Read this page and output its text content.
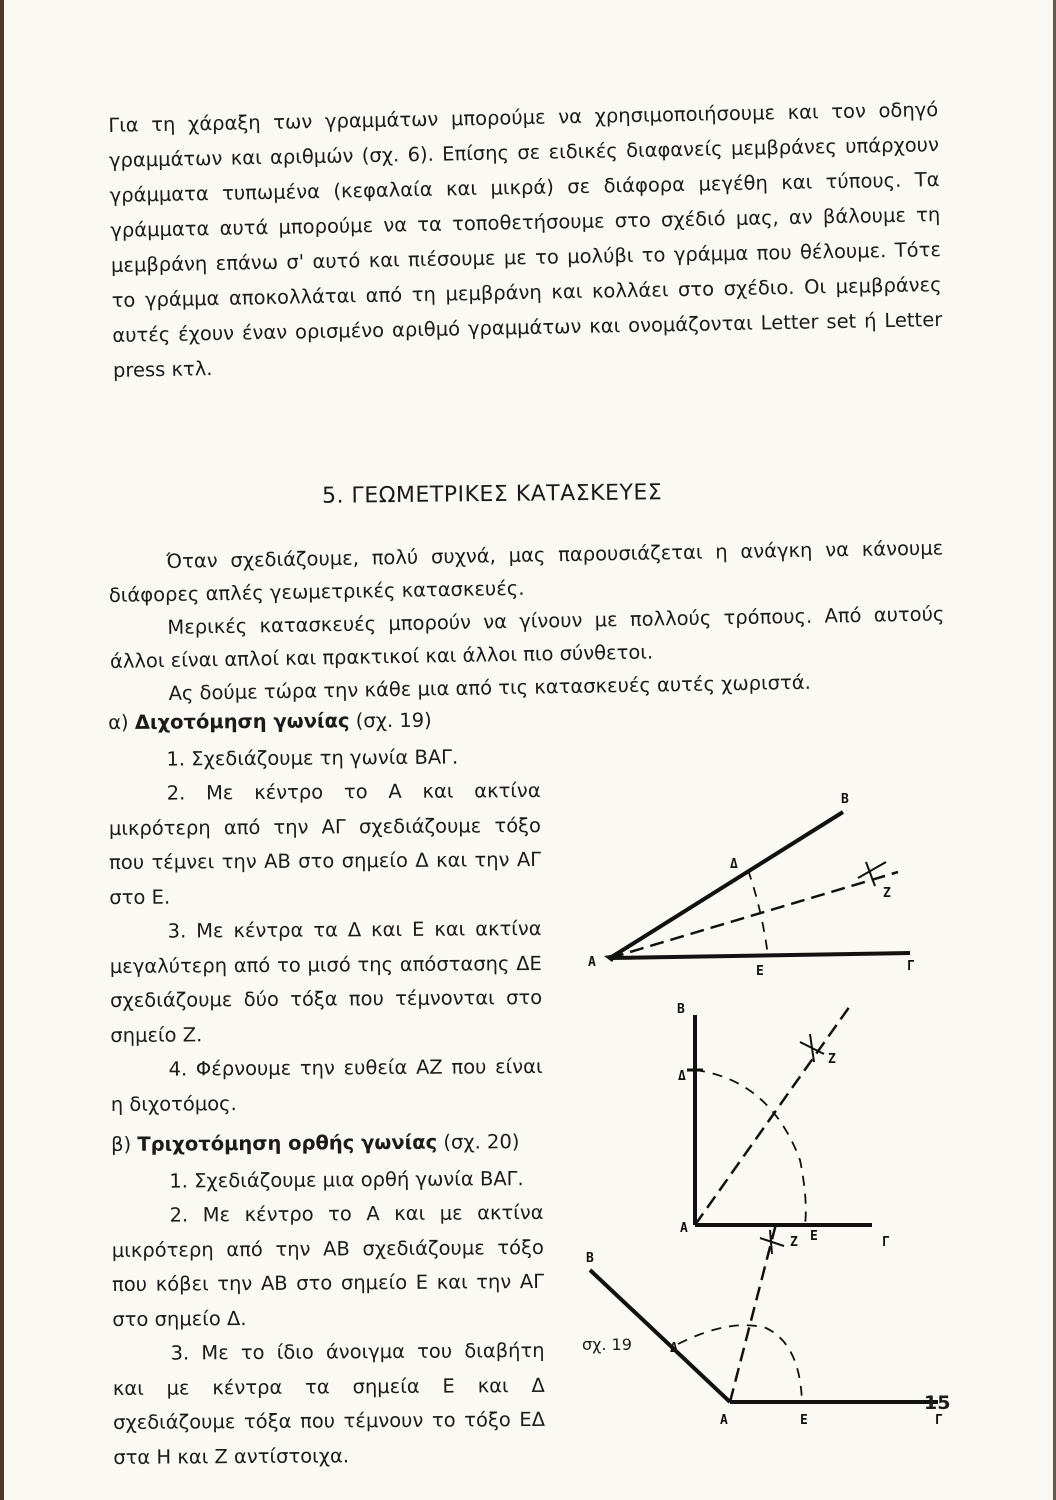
Για τη χάραξη των γραμμάτων μπορούμε να χρησιμοποιήσουμε και τον οδηγό γραμμάτων και αριθμών (σχ. 6). Επίσης σε ειδικές διαφανείς μεμβράνες υπάρχουν γράμματα τυπωμένα (κεφαλαία και μικρά) σε διάφορα μεγέθη και τύπους. Τα γράμματα αυτά μπορούμε να τα τοποθετήσουμε στο σχέδιό μας, αν βάλουμε τη μεμβράνη επάνω σ' αυτό και πιέσουμε με το μολύβι το γράμμα που θέλουμε. Τότε το γράμμα αποκολλάται από τη μεμβράνη και κολλάει στο σχέδιο. Οι μεμβράνες αυτές έχουν έναν ορισμένο αριθμό γραμμάτων και ονομάζονται Letter set ή Letter press κτλ.

5. ΓΕΩΜΕΤΡΙΚΕΣ ΚΑΤΑΣΚΕΥΕΣ

Όταν σχεδιάζουμε, πολύ συχνά, μας παρουσιάζεται η ανάγκη να κάνουμε διάφορες απλές γεωμετρικές κατασκευές.

Μερικές κατασκευές μπορούν να γίνουν με πολλούς τρόπους. Από αυτούς άλλοι είναι απλοί και πρακτικοί και άλλοι πιο σύνθετοι.

Ας δούμε τώρα την κάθε μια από τις κατασκευές αυτές χωριστά.

α) Διχοτόμηση γωνίας (σχ. 19)

1. Σχεδιάζουμε τη γωνία ΒΑΓ.

2. Με κέντρο το Α και ακτίνα μικρότερη από την ΑΓ σχεδιάζουμε τόξο που τέμνει την ΑΒ στο σημείο Δ και την ΑΓ στο Ε.

3. Με κέντρα τα Δ και Ε και ακτίνα μεγαλύτερη από το μισό της απόστασης ΔΕ σχεδιάζουμε δύο τόξα που τέμνονται στο σημείο Ζ.

4. Φέρνουμε την ευθεία ΑΖ που είναι η διχοτόμος.

β) Τριχοτόμηση ορθής γωνίας (σχ. 20)

1. Σχεδιάζουμε μια ορθή γωνία ΒΑΓ.

2. Με κέντρο το Α και με ακτίνα μικρότερη από την ΑΒ σχεδιάζουμε τόξο που κόβει την ΑΒ στο σημείο Ε και την ΑΓ στο σημείο Δ.

3. Με το ίδιο άνοιγμα του διαβήτη και με κέντρα τα σημεία Ε και Δ σχεδιάζουμε τόξα που τέμνουν το τόξο ΕΔ στα Η και Ζ αντίστοιχα.

B
Δ
Z
A
E	Γ
B
Δ
Z
A
E	Γ
B
Δ
Z
A	E	Γ
σχ. 19
15
